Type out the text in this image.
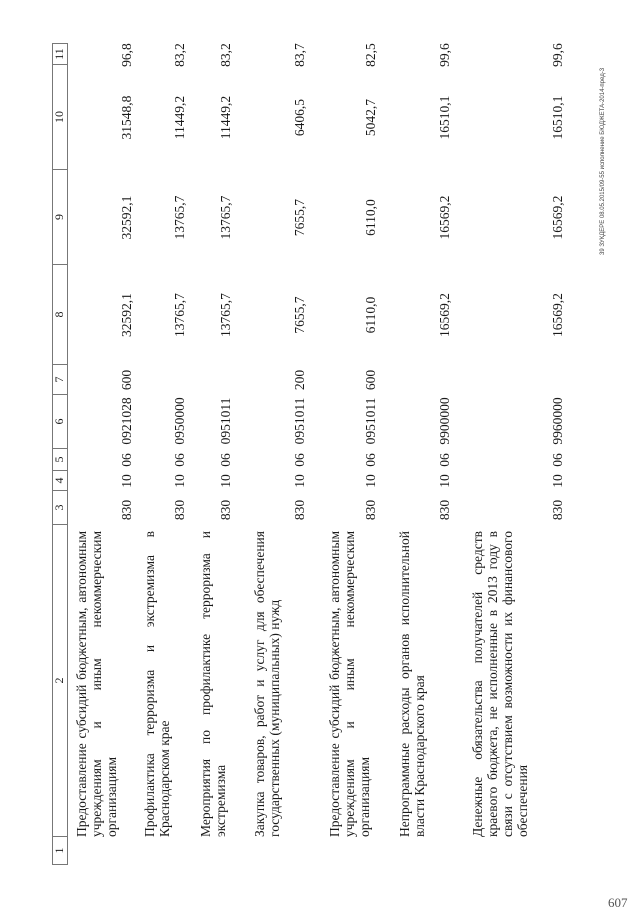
1
2
3
4
5
6
7
8
9
10
11
Предоставление субсидий бюджетным, автономным учреждениям и иным некоммерческим организациям
830
10
06
0921028
600
32592,1
32592,1
31548,8
96,8
Профилактика терроризма и экстремизма в Краснодарском крае
830
10
06
0950000
13765,7
13765,7
11449,2
83,2
Мероприятия по профилактике терроризма и экстремизма
830
10
06
0951011
13765,7
13765,7
11449,2
83,2
Закупка товаров, работ и услуг для обеспечения государственных (муниципальных) нужд
830
10
06
0951011
200
7655,7
7655,7
6406,5
83,7
Предоставление субсидий бюджетным, автономным учреждениям и иным некоммерческим организациям
830
10
06
0951011
600
6110,0
6110,0
5042,7
82,5
Непрограммные расходы органов исполнительной власти Краснодарского края
830
10
06
9900000
16569,2
16569,2
16510,1
99,6
Денежные обязательства получателей средств краевого бюджета, не исполненные в 2013 году в связи с отсутствием возможности их финансового обеспечения
830
10
06
9960000
16569,2
16569,2
16510,1
99,6
39 ЗУКДЕРЕ 08.05.2015/09-55 исполнение БЮДЖЕТА-2014-пред-3
607
